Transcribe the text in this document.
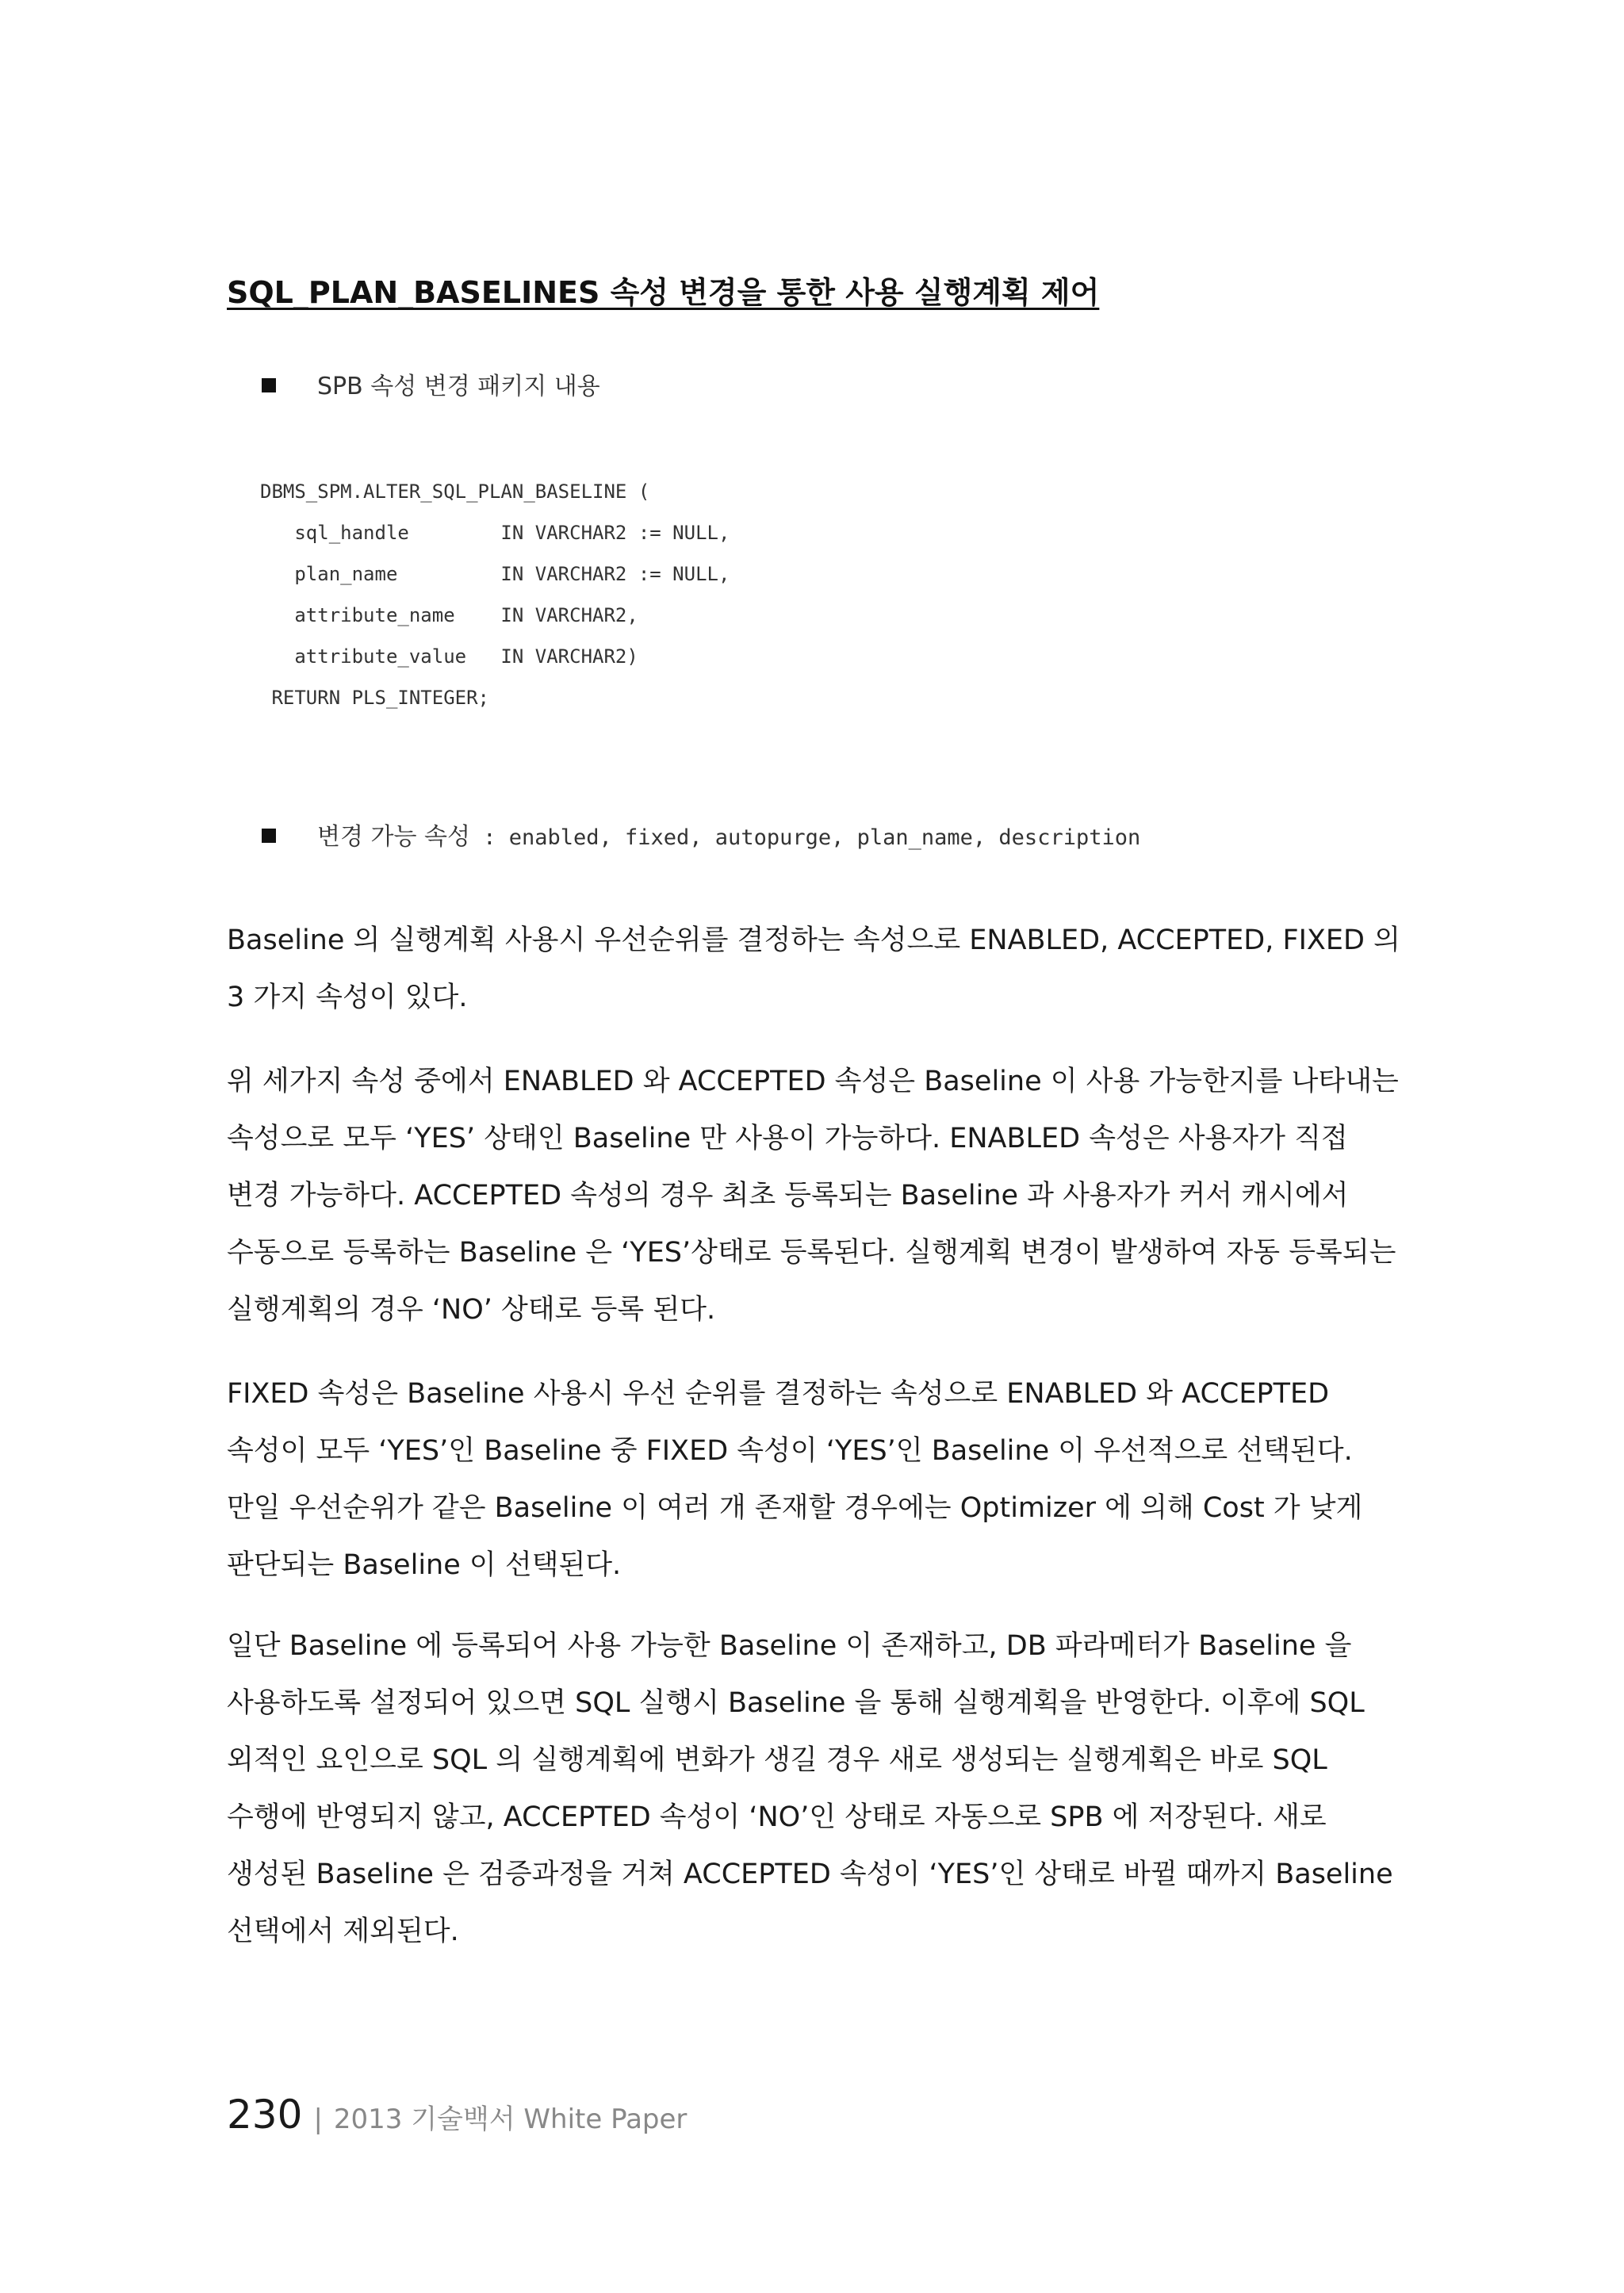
SQL_PLAN_BASELINES 속성 변경을 통한 사용 실행계획 제어
SPB 속성 변경 패키지 내용
DBMS_SPM.ALTER_SQL_PLAN_BASELINE (
sql_handle        IN VARCHAR2 := NULL,
plan_name         IN VARCHAR2 := NULL,
attribute_name    IN VARCHAR2,
attribute_value   IN VARCHAR2)
RETURN PLS_INTEGER;
변경 가능 속성 : enabled, fixed, autopurge, plan_name, description

Baseline 의 실행계획 사용시 우선순위를 결정하는 속성으로 ENABLED, ACCEPTED, FIXED 의 3 가지 속성이 있다.

위 세가지 속성 중에서 ENABLED 와 ACCEPTED 속성은 Baseline 이 사용 가능한지를 나타내는 속성으로 모두 ‘YES’ 상태인 Baseline 만 사용이 가능하다. ENABLED 속성은 사용자가 직접 변경 가능하다. ACCEPTED 속성의 경우 최초 등록되는 Baseline 과 사용자가 커서 캐시에서 수동으로 등록하는 Baseline 은 ‘YES’상태로 등록된다. 실행계획 변경이 발생하여 자동 등록되는 실행계획의 경우 ‘NO’ 상태로 등록 된다.

FIXED 속성은 Baseline 사용시 우선 순위를 결정하는 속성으로 ENABLED 와 ACCEPTED 속성이 모두 ‘YES’인 Baseline 중 FIXED 속성이 ‘YES’인 Baseline 이 우선적으로 선택된다. 만일 우선순위가 같은 Baseline 이 여러 개 존재할 경우에는 Optimizer 에 의해 Cost 가 낮게 판단되는 Baseline 이 선택된다.

일단 Baseline 에 등록되어 사용 가능한 Baseline 이 존재하고, DB 파라메터가 Baseline 을 사용하도록 설정되어 있으면 SQL 실행시 Baseline 을 통해 실행계획을 반영한다. 이후에 SQL 외적인 요인으로 SQL 의 실행계획에 변화가 생길 경우 새로 생성되는 실행계획은 바로 SQL 수행에 반영되지 않고, ACCEPTED 속성이 ‘NO’인 상태로 자동으로 SPB 에 저장된다. 새로 생성된 Baseline 은 검증과정을 거쳐 ACCEPTED 속성이 ‘YES’인 상태로 바뀔 때까지 Baseline 선택에서 제외된다.

230 | 2013 기술백서 White Paper
